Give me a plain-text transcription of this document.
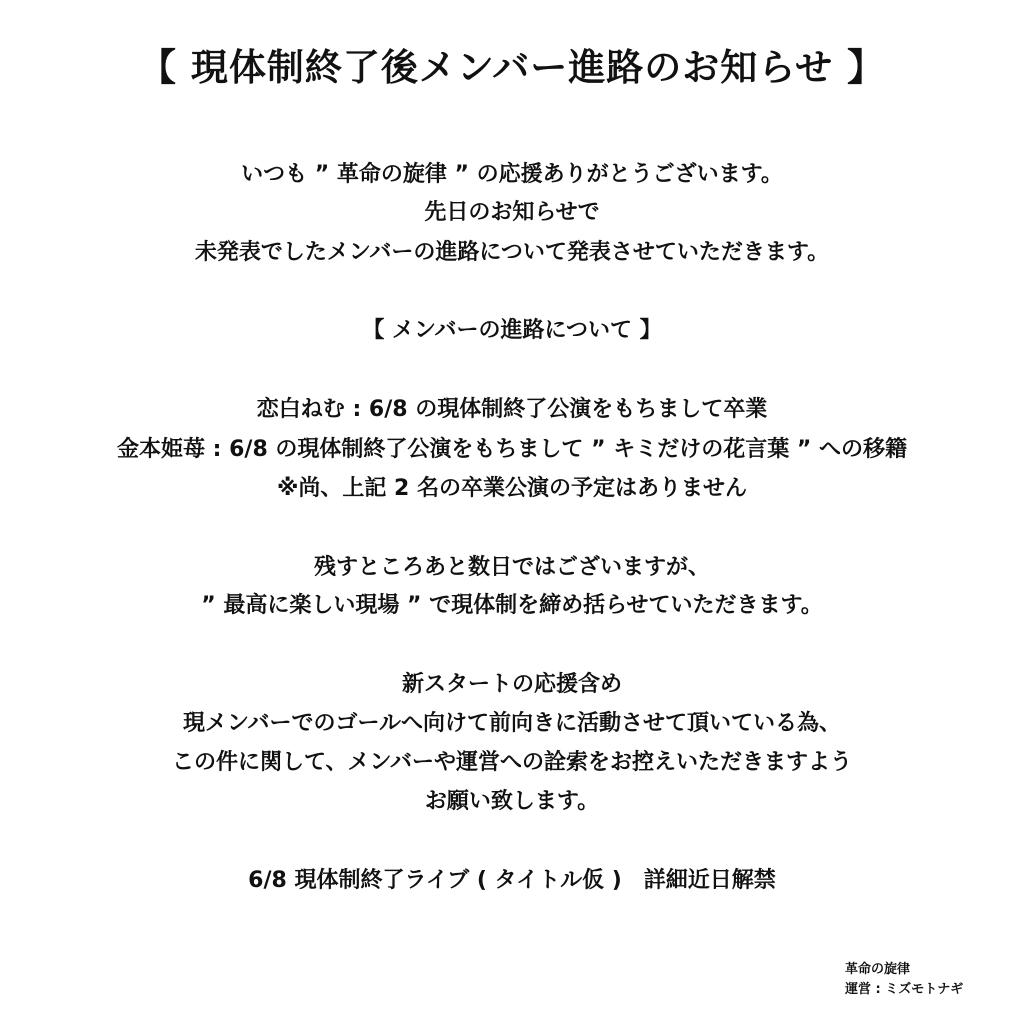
【 現体制終了後メンバー進路のお知らせ 】
いつも ” 革命の旋律 ” の応援ありがとうございます。
先日のお知らせで
未発表でしたメンバーの進路について発表させていただきます。
【 メンバーの進路について 】
恋白ねむ : 6/8 の現体制終了公演をもちまして卒業
金本姫苺 : 6/8 の現体制終了公演をもちまして ” キミだけの花言葉 ” への移籍
※尚、上記 2 名の卒業公演の予定はありません
残すところあと数日ではございますが、
” 最高に楽しい現場 ” で現体制を締め括らせていただきます。
新スタートの応援含め
現メンバーでのゴールへ向けて前向きに活動させて頂いている為、
この件に関して、メンバーや運営への詮索をお控えいただきますよう
お願い致します。
6/8 現体制終了ライブ ( タイトル仮 )　詳細近日解禁
革命の旋律
運営 : ミズモトナギ
